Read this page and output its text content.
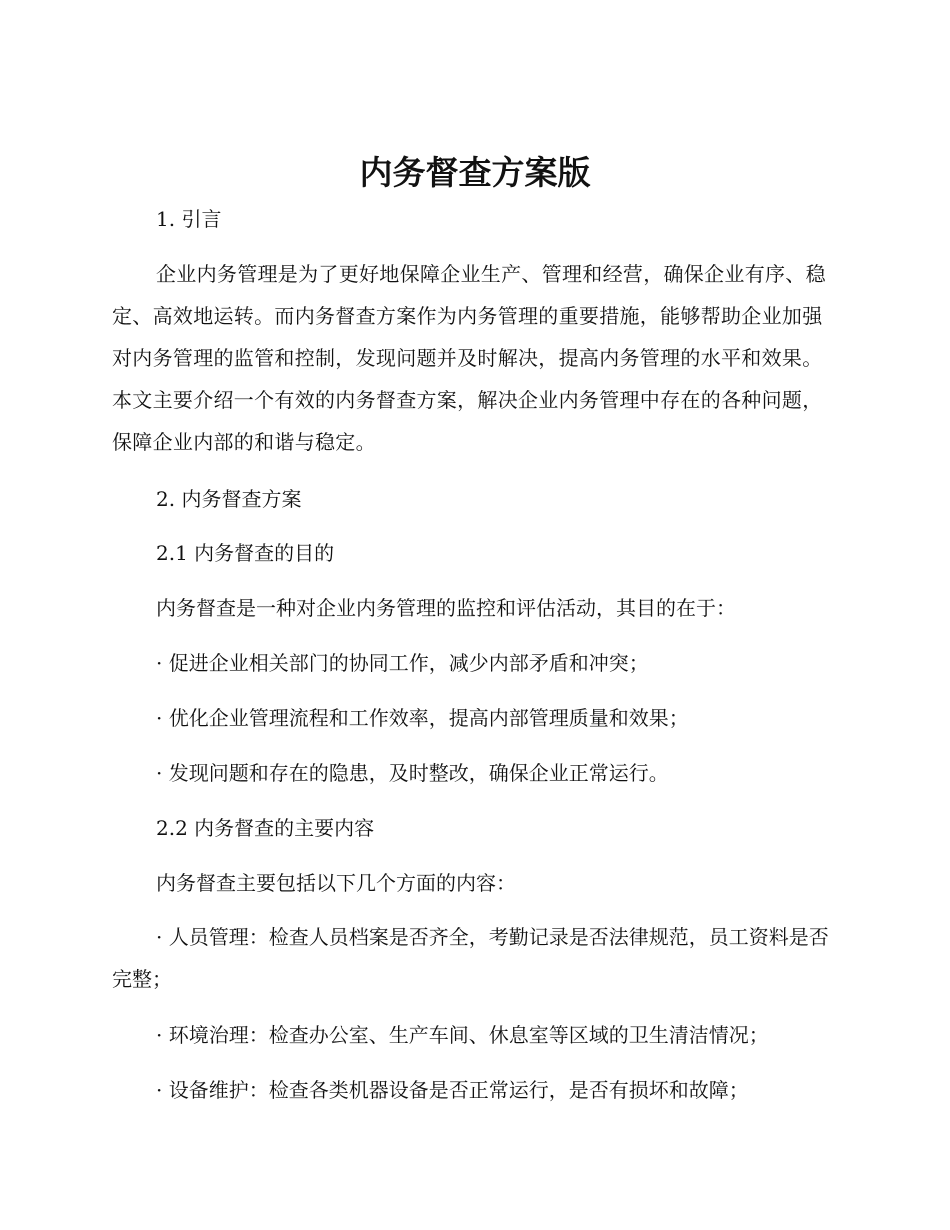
内务督查方案版

1. 引言

企业内务管理是为了更好地保障企业生产、管理和经营，确保企业有序、稳定、高效地运转。而内务督查方案作为内务管理的重要措施，能够帮助企业加强对内务管理的监管和控制，发现问题并及时解决，提高内务管理的水平和效果。本文主要介绍一个有效的内务督查方案，解决企业内务管理中存在的各种问题，保障企业内部的和谐与稳定。

2. 内务督查方案

2.1 内务督查的目的

内务督查是一种对企业内务管理的监控和评估活动，其目的在于：

· 促进企业相关部门的协同工作，减少内部矛盾和冲突；

· 优化企业管理流程和工作效率，提高内部管理质量和效果；

· 发现问题和存在的隐患，及时整改，确保企业正常运行。

2.2 内务督查的主要内容

内务督查主要包括以下几个方面的内容：

· 人员管理：检查人员档案是否齐全，考勤记录是否法律规范，员工资料是否完整；

· 环境治理：检查办公室、生产车间、休息室等区域的卫生清洁情况；

· 设备维护：检查各类机器设备是否正常运行，是否有损坏和故障；
